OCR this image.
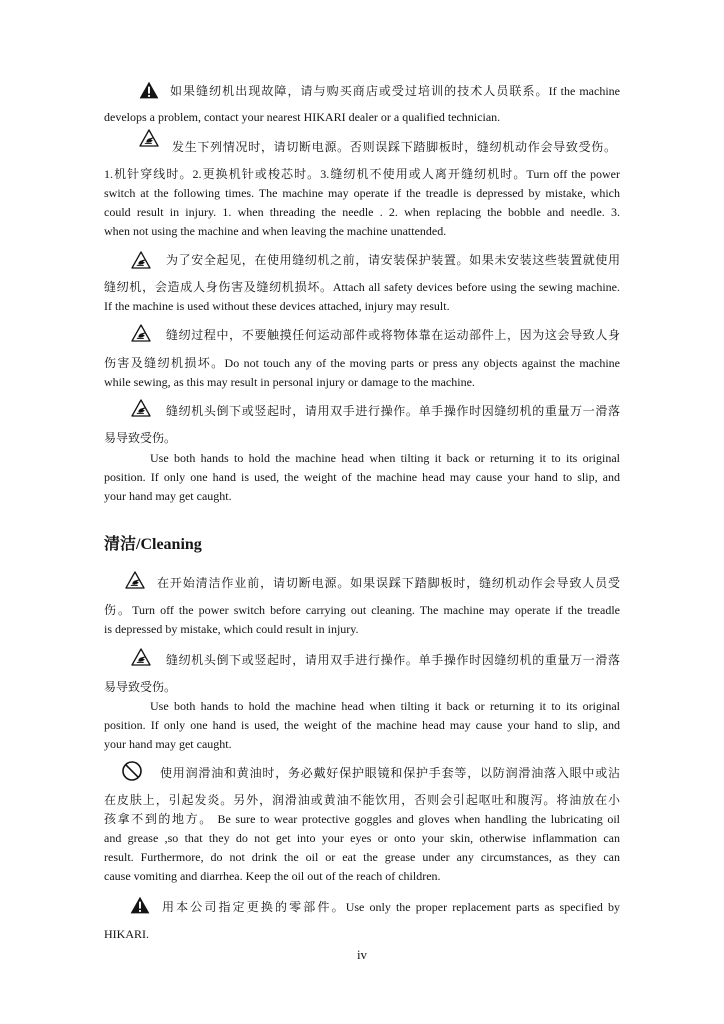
如果缝纫机出现故障，请与购买商店或受过培训的技术人员联系。If the machine
develops a problem, contact your nearest HIKARI dealer or a qualified technician.
发生下列情况时，请切断电源。否则误踩下踏脚板时，缝纫机动作会导致受伤。
1.机针穿线时。2.更换机针或梭芯时。3.缝纫机不使用或人离开缝纫机时。Turn off the power
switch at the following times. The machine may operate if the treadle is depressed by mistake, which
could result in injury. 1. when threading the needle . 2. when replacing the bobble and needle. 3.
when not using the machine and when leaving the machine unattended.
为了安全起见，在使用缝纫机之前，请安装保护装置。如果未安装这些装置就使用
缝纫机，会造成人身伤害及缝纫机损坏。Attach all safety devices before using the sewing machine.
If the machine is used without these devices attached, injury may result.
缝纫过程中，不要触摸任何运动部件或将物体靠在运动部件上，因为这会导致人身
伤害及缝纫机损坏。Do not touch any of the moving parts or press any objects against the machine
while sewing, as this may result in personal injury or damage to the machine.
缝纫机头倒下或竖起时，请用双手进行操作。单手操作时因缝纫机的重量万一滑落
易导致受伤。
Use both hands to hold the machine head when tilting it back or returning it to its original
position. If only one hand is used, the weight of the machine head may cause your hand to slip, and
your hand may get caught.
清洁/Cleaning
在开始清洁作业前，请切断电源。如果误踩下踏脚板时，缝纫机动作会导致人员受
伤。Turn off the power switch before carrying out cleaning. The machine may operate if the treadle
is depressed by mistake, which could result in injury.
缝纫机头倒下或竖起时，请用双手进行操作。单手操作时因缝纫机的重量万一滑落
易导致受伤。
Use both hands to hold the machine head when tilting it back or returning it to its original
position. If only one hand is used, the weight of the machine head may cause your hand to slip, and
your hand may get caught.
使用润滑油和黄油时，务必戴好保护眼镜和保护手套等，以防润滑油落入眼中或沾
在皮肤上，引起发炎。另外，润滑油或黄油不能饮用，否则会引起呕吐和腹泻。将油放在小
孩拿不到的地方。 Be sure to wear protective goggles and gloves when handling the lubricating oil
and grease ,so that they do not get into your eyes or onto your skin, otherwise inflammation can
result. Furthermore, do not drink the oil or eat the grease under any circumstances, as they can
cause vomiting and diarrhea. Keep the oil out of the reach of children.
用本公司指定更换的零部件。Use only the proper replacement parts as specified by
HIKARI.
iv
